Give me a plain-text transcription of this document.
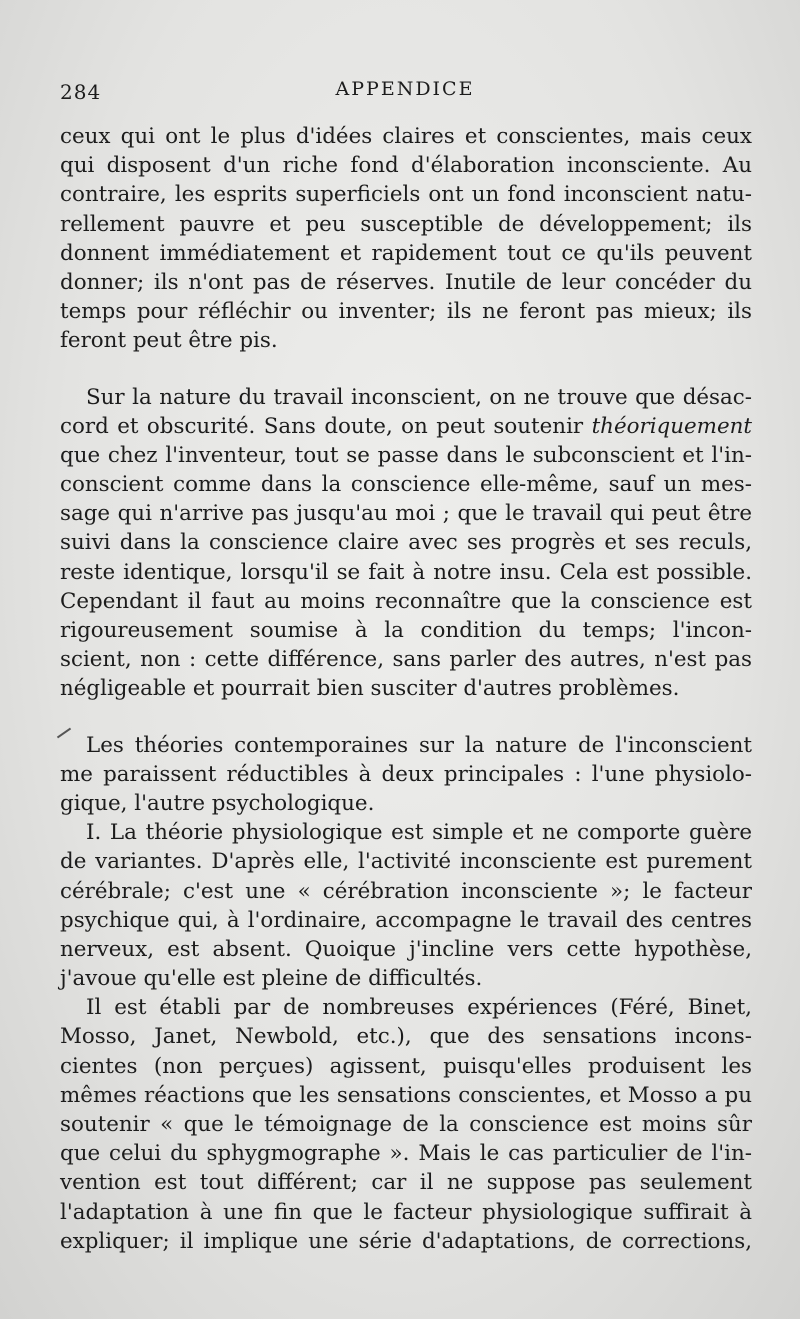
284	APPENDICE
ceux qui ont le plus d'idées claires et conscientes, mais ceux
qui disposent d'un riche fond d'élaboration inconsciente. Au
contraire, les esprits superficiels ont un fond inconscient natu-
rellement pauvre et peu susceptible de développement; ils
donnent immédiatement et rapidement tout ce qu'ils peuvent
donner; ils n'ont pas de réserves. Inutile de leur concéder du
temps pour réfléchir ou inventer; ils ne feront pas mieux; ils
feront peut être pis.
Sur la nature du travail inconscient, on ne trouve que désac-
cord et obscurité. Sans doute, on peut soutenir théoriquement
que chez l'inventeur, tout se passe dans le subconscient et l'in-
conscient comme dans la conscience elle-même, sauf un mes-
sage qui n'arrive pas jusqu'au moi ; que le travail qui peut être
suivi dans la conscience claire avec ses progrès et ses reculs,
reste identique, lorsqu'il se fait à notre insu. Cela est possible.
Cependant il faut au moins reconnaître que la conscience est
rigoureusement soumise à la condition du temps; l'incon-
scient, non : cette différence, sans parler des autres, n'est pas
négligeable et pourrait bien susciter d'autres problèmes.
Les théories contemporaines sur la nature de l'inconscient
me paraissent réductibles à deux principales : l'une physiolo-
gique, l'autre psychologique.
I. La théorie physiologique est simple et ne comporte guère
de variantes. D'après elle, l'activité inconsciente est purement
cérébrale; c'est une « cérébration inconsciente »; le facteur
psychique qui, à l'ordinaire, accompagne le travail des centres
nerveux, est absent. Quoique j'incline vers cette hypothèse,
j'avoue qu'elle est pleine de difficultés.
Il est établi par de nombreuses expériences (Féré, Binet,
Mosso, Janet, Newbold, etc.), que des sensations incons-
cientes (non perçues) agissent, puisqu'elles produisent les
mêmes réactions que les sensations conscientes, et Mosso a pu
soutenir « que le témoignage de la conscience est moins sûr
que celui du sphygmographe ». Mais le cas particulier de l'in-
vention est tout différent; car il ne suppose pas seulement
l'adaptation à une fin que le facteur physiologique suffirait à
expliquer; il implique une série d'adaptations, de corrections,
